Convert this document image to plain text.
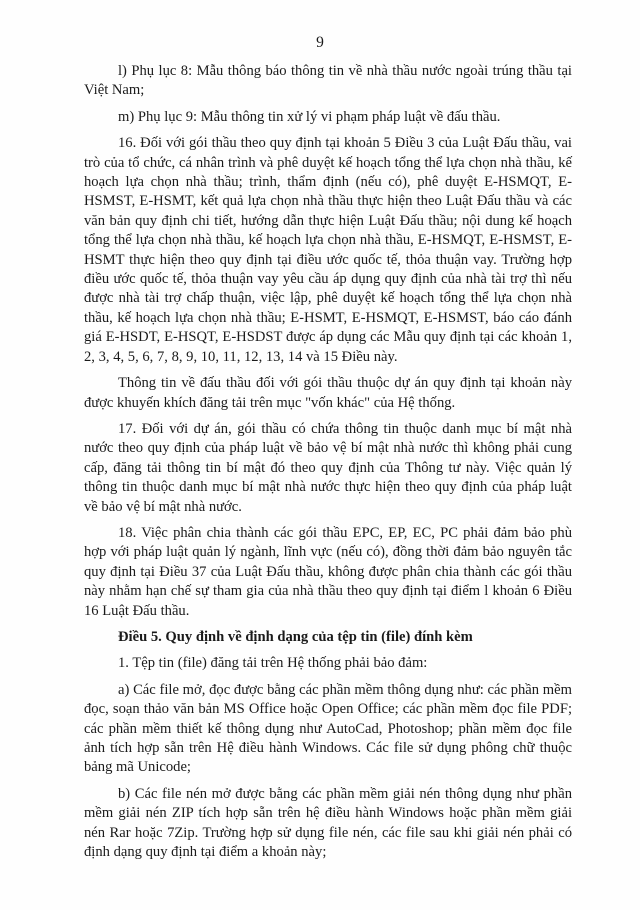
9

l) Phụ lục 8: Mẫu thông báo thông tin về nhà thầu nước ngoài trúng thầu tại Việt Nam;

m) Phụ lục 9: Mẫu thông tin xử lý vi phạm pháp luật về đấu thầu.

16. Đối với gói thầu theo quy định tại khoản 5 Điều 3 của Luật Đấu thầu, vai trò của tổ chức, cá nhân trình và phê duyệt kế hoạch tổng thể lựa chọn nhà thầu, kế hoạch lựa chọn nhà thầu; trình, thẩm định (nếu có), phê duyệt E-HSMQT, E-HSMST, E-HSMT, kết quả lựa chọn nhà thầu thực hiện theo Luật Đấu thầu và các văn bản quy định chi tiết, hướng dẫn thực hiện Luật Đấu thầu; nội dung kế hoạch tổng thể lựa chọn nhà thầu, kế hoạch lựa chọn nhà thầu, E-HSMQT, E-HSMST, E-HSMT thực hiện theo quy định tại điều ước quốc tế, thỏa thuận vay. Trường hợp điều ước quốc tế, thỏa thuận vay yêu cầu áp dụng quy định của nhà tài trợ thì nếu được nhà tài trợ chấp thuận, việc lập, phê duyệt kế hoạch tổng thể lựa chọn nhà thầu, kế hoạch lựa chọn nhà thầu; E-HSMT, E-HSMQT, E-HSMST, báo cáo đánh giá E-HSDT, E-HSQT, E-HSDST được áp dụng các Mẫu quy định tại các khoản 1, 2, 3, 4, 5, 6, 7, 8, 9, 10, 11, 12, 13, 14 và 15 Điều này.

Thông tin về đấu thầu đối với gói thầu thuộc dự án quy định tại khoản này được khuyến khích đăng tải trên mục "vốn khác" của Hệ thống.

17. Đối với dự án, gói thầu có chứa thông tin thuộc danh mục bí mật nhà nước theo quy định của pháp luật về bảo vệ bí mật nhà nước thì không phải cung cấp, đăng tải thông tin bí mật đó theo quy định của Thông tư này. Việc quản lý thông tin thuộc danh mục bí mật nhà nước thực hiện theo quy định của pháp luật về bảo vệ bí mật nhà nước.

18. Việc phân chia thành các gói thầu EPC, EP, EC, PC phải đảm bảo phù hợp với pháp luật quản lý ngành, lĩnh vực (nếu có), đồng thời đảm bảo nguyên tắc quy định tại Điều 37 của Luật Đấu thầu, không được phân chia thành các gói thầu này nhằm hạn chế sự tham gia của nhà thầu theo quy định tại điểm l khoản 6 Điều 16 Luật Đấu thầu.

Điều 5. Quy định về định dạng của tệp tin (file) đính kèm

1. Tệp tin (file) đăng tải trên Hệ thống phải bảo đảm:

a) Các file mở, đọc được bằng các phần mềm thông dụng như: các phần mềm đọc, soạn thảo văn bản MS Office hoặc Open Office; các phần mềm đọc file PDF; các phần mềm thiết kế thông dụng như AutoCad, Photoshop; phần mềm đọc file ảnh tích hợp sẵn trên Hệ điều hành Windows. Các file sử dụng phông chữ thuộc bảng mã Unicode;

b) Các file nén mở được bằng các phần mềm giải nén thông dụng như phần mềm giải nén ZIP tích hợp sẵn trên hệ điều hành Windows hoặc phần mềm giải nén Rar hoặc 7Zip. Trường hợp sử dụng file nén, các file sau khi giải nén phải có định dạng quy định tại điểm a khoản này;
